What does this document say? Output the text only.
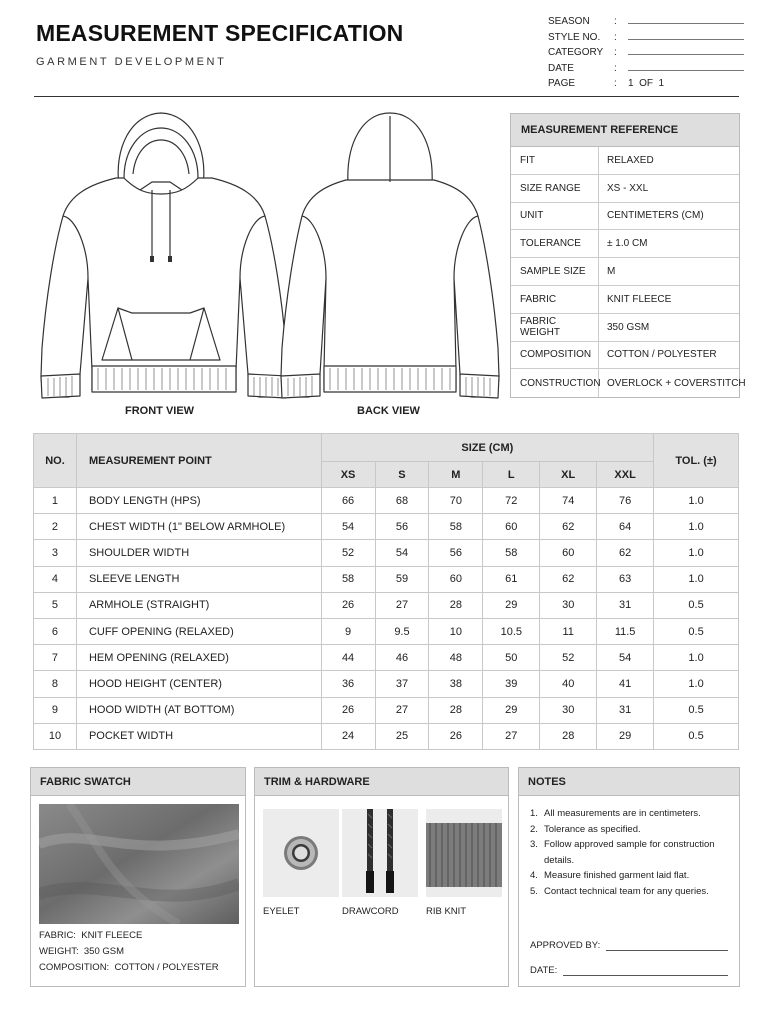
MEASUREMENT SPECIFICATION
GARMENT DEVELOPMENT
SEASON	:
STYLE NO.	:
CATEGORY	:
DATE	:
PAGE	:	1  OF  1
FRONT VIEW	BACK VIEW
MEASUREMENT REFERENCE
FIT	RELAXED
SIZE RANGE	XS - XXL
UNIT	CENTIMETERS (CM)
TOLERANCE	± 1.0 CM
SAMPLE SIZE	M
FABRIC	KNIT FLEECE
FABRIC WEIGHT	350 GSM
COMPOSITION	COTTON / POLYESTER
CONSTRUCTION OVERLOCK + COVERSTITCH
NO.	MEASUREMENT POINT	SIZE (CM)						TOL. (±)
		XS	S	M	L	XL	XXL	
1	BODY LENGTH (HPS)	66	68	70	72	74	76	1.0
2	CHEST WIDTH (1" BELOW ARMHOLE)	54	56	58	60	62	64	1.0
3	SHOULDER WIDTH	52	54	56	58	60	62	1.0
4	SLEEVE LENGTH	58	59	60	61	62	63	1.0
5	ARMHOLE (STRAIGHT)	26	27	28	29	30	31	0.5
6	CUFF OPENING (RELAXED)	9	9.5	10	10.5	11	11.5	0.5
7	HEM OPENING (RELAXED)	44	46	48	50	52	54	1.0
8	HOOD HEIGHT (CENTER)	36	37	38	39	40	41	1.0
9	HOOD WIDTH (AT BOTTOM)	26	27	28	29	30	31	0.5
10	POCKET WIDTH	24	25	26	27	28	29	0.5
FABRIC SWATCH
FABRIC: KNIT FLEECE
WEIGHT: 350 GSM
COMPOSITION: COTTON / POLYESTER
TRIM & HARDWARE
EYELET	DRAWCORD	RIB KNIT
NOTES
1. All measurements are in centimeters.
2. Tolerance as specified.
3. Follow approved sample for construction details.
4. Measure finished garment laid flat.
5. Contact technical team for any queries.
APPROVED BY:
DATE:
